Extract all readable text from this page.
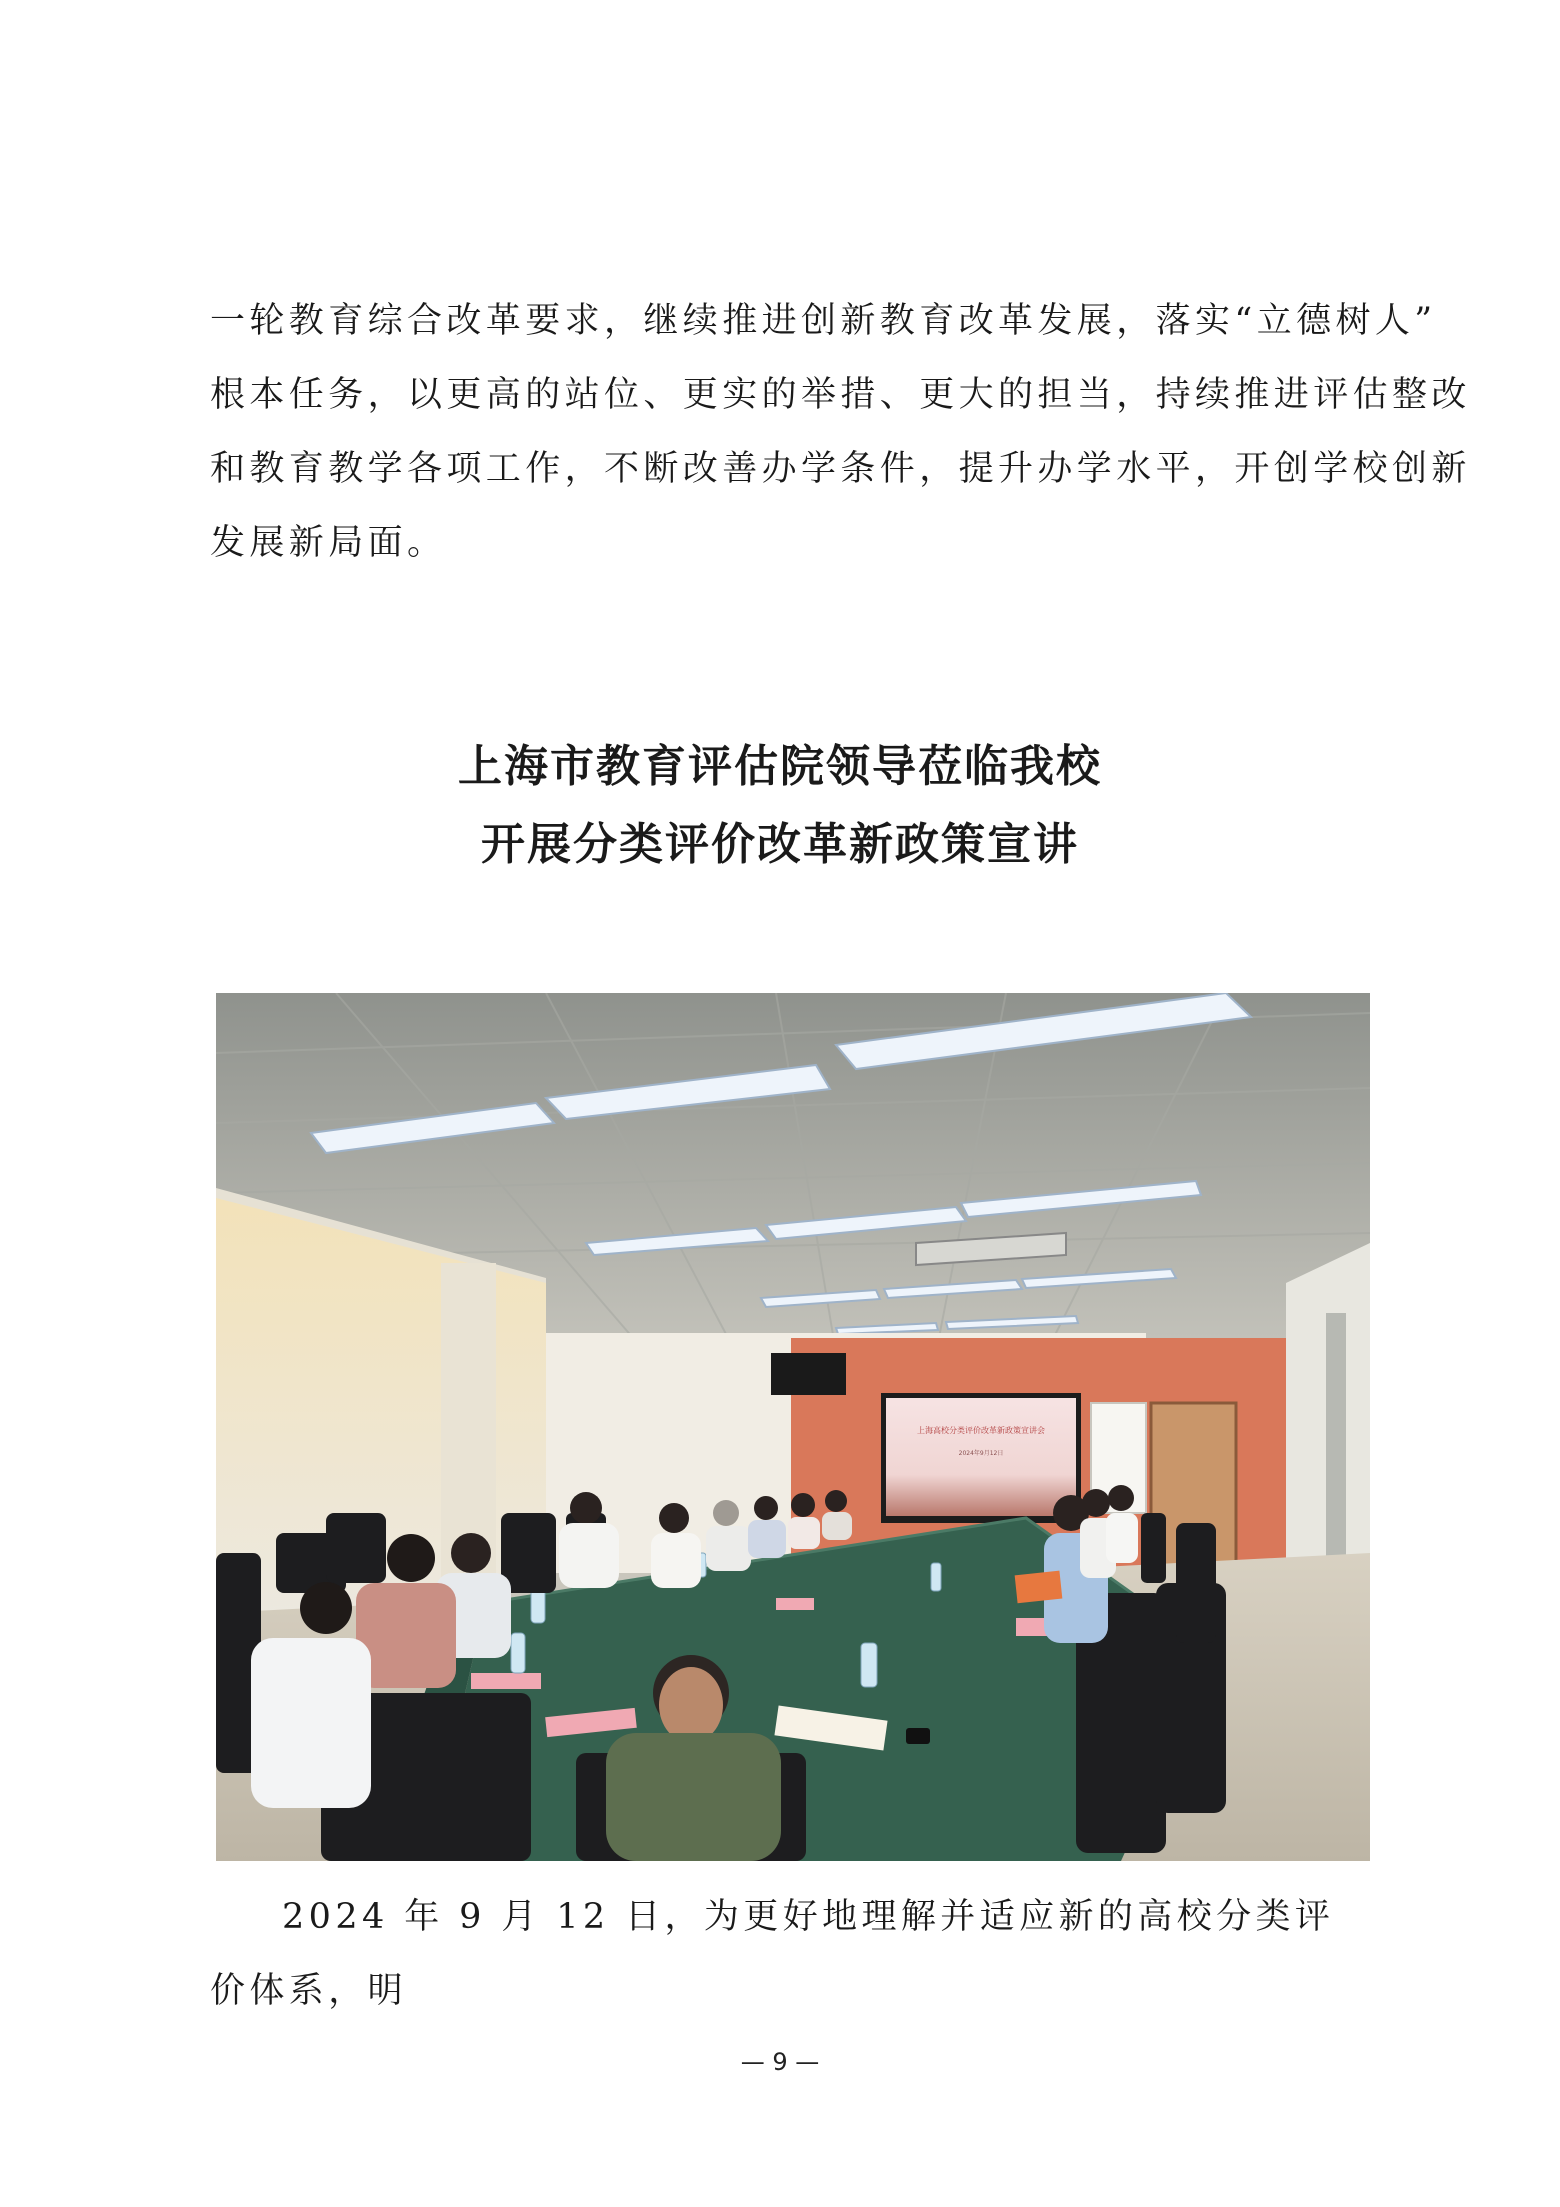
一轮教育综合改革要求，继续推进创新教育改革发展，落实“立德树人”
根本任务，以更高的站位、更实的举措、更大的担当，持续推进评估整改
和教育教学各项工作，不断改善办学条件，提升办学水平，开创学校创新
发展新局面。
上海市教育评估院领导莅临我校
开展分类评价改革新政策宣讲
上海高校分类评价改革新政策宣讲会
2024年9月12日
2024 年 9 月 12 日，为更好地理解并适应新的高校分类评价体系，明
— 9 —
